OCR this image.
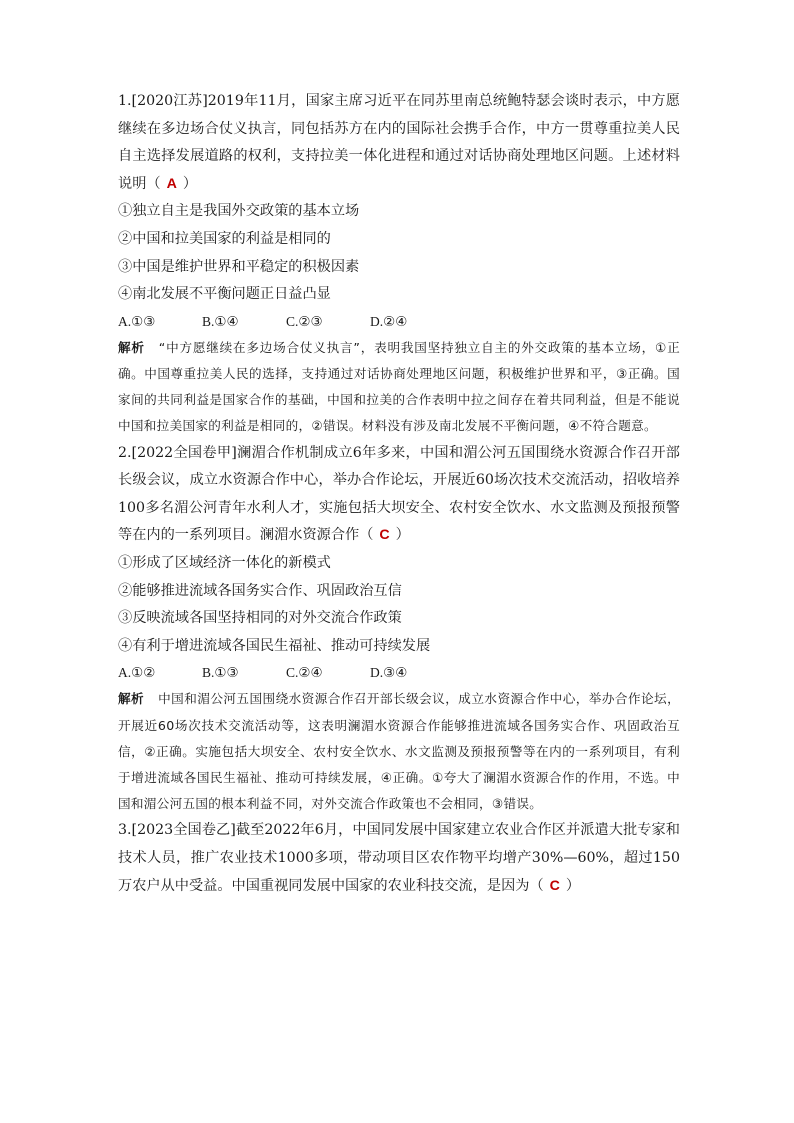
1.[2020江苏]2019年11月，国家主席习近平在同苏里南总统鲍特瑟会谈时表示，中方愿继续在多边场合仗义执言，同包括苏方在内的国际社会携手合作，中方一贯尊重拉美人民自主选择发展道路的权利，支持拉美一体化进程和通过对话协商处理地区问题。上述材料说明（ A ）

①独立自主是我国外交政策的基本立场

②中国和拉美国家的利益是相同的

③中国是维护世界和平稳定的积极因素

④南北发展不平衡问题正日益凸显

A.①③	B.①④	C.②③	D.②④

解析 “中方愿继续在多边场合仗义执言”，表明我国坚持独立自主的外交政策的基本立场，①正确。中国尊重拉美人民的选择，支持通过对话协商处理地区问题，积极维护世界和平，③正确。国家间的共同利益是国家合作的基础，中国和拉美的合作表明中拉之间存在着共同利益，但是不能说中国和拉美国家的利益是相同的，②错误。材料没有涉及南北发展不平衡问题，④不符合题意。

2.[2022全国卷甲]澜湄合作机制成立6年多来，中国和湄公河五国围绕水资源合作召开部长级会议，成立水资源合作中心，举办合作论坛，开展近60场次技术交流活动，招收培养100多名湄公河青年水利人才，实施包括大坝安全、农村安全饮水、水文监测及预报预警等在内的一系列项目。澜湄水资源合作（ C ）

①形成了区域经济一体化的新模式

②能够推进流域各国务实合作、巩固政治互信

③反映流域各国坚持相同的对外交流合作政策

④有利于增进流域各国民生福祉、推动可持续发展

A.①②	B.①③	C.②④	D.③④

解析 中国和湄公河五国围绕水资源合作召开部长级会议，成立水资源合作中心，举办合作论坛，开展近60场次技术交流活动等，这表明澜湄水资源合作能够推进流域各国务实合作、巩固政治互信，②正确。实施包括大坝安全、农村安全饮水、水文监测及预报预警等在内的一系列项目，有利于增进流域各国民生福祉、推动可持续发展，④正确。①夸大了澜湄水资源合作的作用，不选。中国和湄公河五国的根本利益不同，对外交流合作政策也不会相同，③错误。

3.[2023全国卷乙]截至2022年6月，中国同发展中国家建立农业合作区并派遣大批专家和技术人员，推广农业技术1000多项，带动项目区农作物平均增产30%—60%，超过150万农户从中受益。中国重视同发展中国家的农业科技交流，是因为（ C ）
